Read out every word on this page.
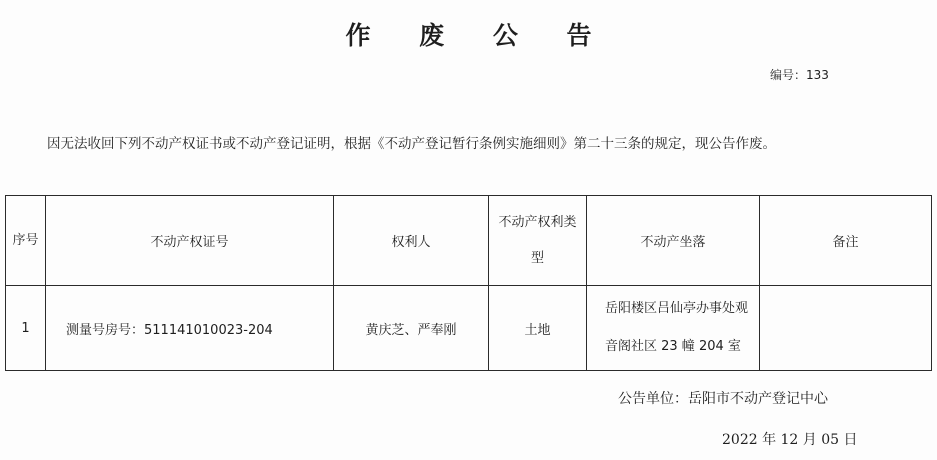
作 废 公 告
编号：133
因无法收回下列不动产权证书或不动产登记证明，根据《不动产登记暂行条例实施细则》第二十三条的规定，现公告作废。
序号	不动产权证号	权利人	不动产权利类型	不动产坐落	备注
1	测量号房号：511141010023-204	黄庆芝、严奉刚	土地	岳阳楼区吕仙亭办事处观音阁社区 23 幢 204 室	
公告单位：岳阳市不动产登记中心
2022 年 12 月 05 日
